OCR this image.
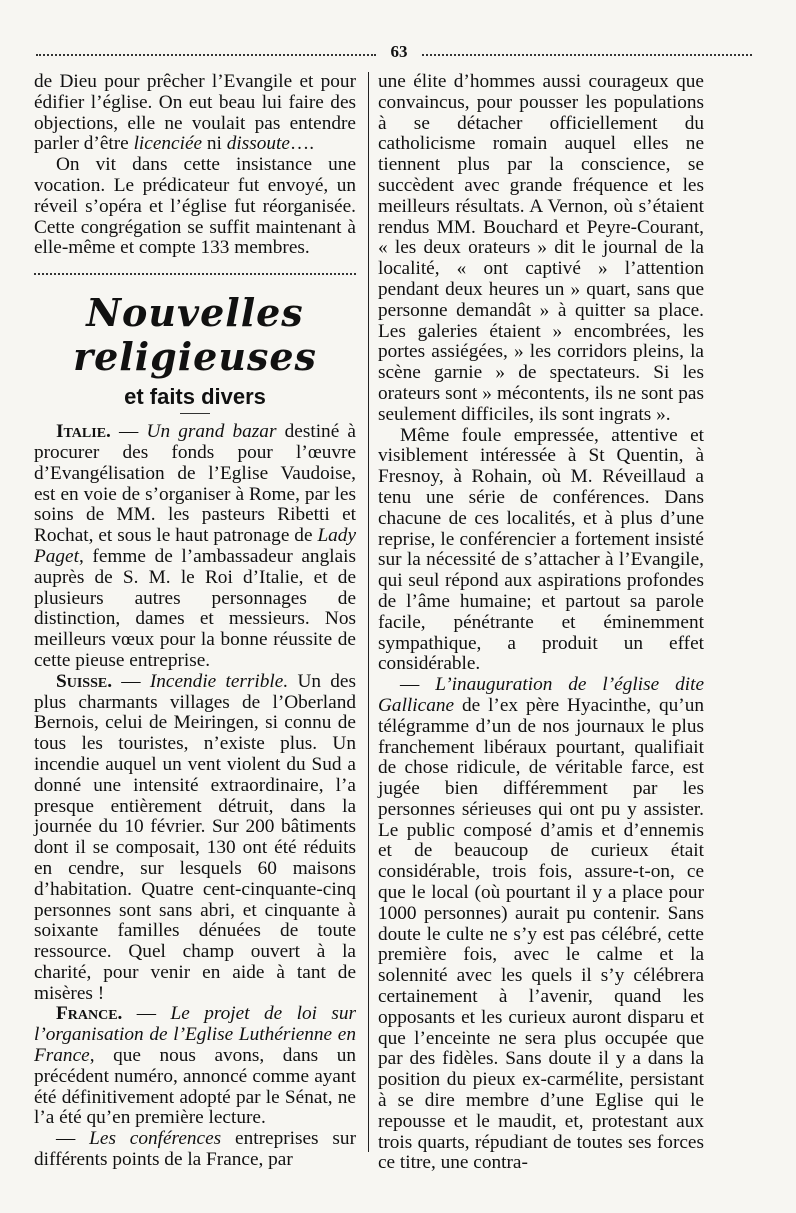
63

de Dieu pour prêcher l’Evangile et pour édifier l’église. On eut beau lui faire des objections, elle ne voulait pas entendre parler d’être licenciée ni dissoute….

On vit dans cette insistance une vocation. Le prédicateur fut envoyé, un réveil s’opéra et l’église fut réorganisée. Cette congrégation se suffit maintenant à elle-même et compte 133 membres.

Nouvelles religieuses
et faits divers

Italie. — Un grand bazar destiné à procurer des fonds pour l’œuvre d’Evangélisation de l’Eglise Vaudoise, est en voie de s’organiser à Rome, par les soins de MM. les pasteurs Ribetti et Rochat, et sous le haut patronage de Lady Paget, femme de l’ambassadeur anglais auprès de S. M. le Roi d’Italie, et de plusieurs autres personnages de distinction, dames et messieurs. Nos meilleurs vœux pour la bonne réussite de cette pieuse entreprise.

Suisse. — Incendie terrible. Un des plus charmants villages de l’Oberland Bernois, celui de Meiringen, si connu de tous les touristes, n’existe plus. Un incendie auquel un vent violent du Sud a donné une intensité extraordinaire, l’a presque entièrement détruit, dans la journée du 10 février. Sur 200 bâtiments dont il se composait, 130 ont été réduits en cendre, sur lesquels 60 maisons d’habitation. Quatre cent-cinquante-cinq personnes sont sans abri, et cinquante à soixante familles dénuées de toute ressource. Quel champ ouvert à la charité, pour venir en aide à tant de misères !

France. — Le projet de loi sur l’organisation de l’Eglise Luthérienne en France, que nous avons, dans un précédent numéro, annoncé comme ayant été définitivement adopté par le Sénat, ne l’a été qu’en première lecture.

— Les conférences entreprises sur différents points de la France, par

une élite d’hommes aussi courageux que convaincus, pour pousser les populations à se détacher officiellement du catholicisme romain auquel elles ne tiennent plus par la conscience, se succèdent avec grande fréquence et les meilleurs résultats. A Vernon, où s’étaient rendus MM. Bouchard et Peyre-Courant, « les deux orateurs » dit le journal de la localité, « ont captivé » l’attention pendant deux heures un » quart, sans que personne demandât » à quitter sa place. Les galeries étaient » encombrées, les portes assiégées, » les corridors pleins, la scène garnie » de spectateurs. Si les orateurs sont » mécontents, ils ne sont pas seulement difficiles, ils sont ingrats ».

Même foule empressée, attentive et visiblement intéressée à St Quentin, à Fresnoy, à Rohain, où M. Réveillaud a tenu une série de conférences. Dans chacune de ces localités, et à plus d’une reprise, le conférencier a fortement insisté sur la nécessité de s’attacher à l’Evangile, qui seul répond aux aspirations profondes de l’âme humaine; et partout sa parole facile, pénétrante et éminemment sympathique, a produit un effet considérable.

— L’inauguration de l’église dite Gallicane de l’ex père Hyacinthe, qu’un télégramme d’un de nos journaux le plus franchement libéraux pourtant, qualifiait de chose ridicule, de véritable farce, est jugée bien différemment par les personnes sérieuses qui ont pu y assister. Le public composé d’amis et d’ennemis et de beaucoup de curieux était considérable, trois fois, assure-t-on, ce que le local (où pourtant il y a place pour 1000 personnes) aurait pu contenir. Sans doute le culte ne s’y est pas célébré, cette première fois, avec le calme et la solennité avec les quels il s’y célébrera certainement à l’avenir, quand les opposants et les curieux auront disparu et que l’enceinte ne sera plus occupée que par des fidèles. Sans doute il y a dans la position du pieux ex-carmélite, persistant à se dire membre d’une Eglise qui le repousse et le maudit, et, protestant aux trois quarts, répudiant de toutes ses forces ce titre, une contra-
